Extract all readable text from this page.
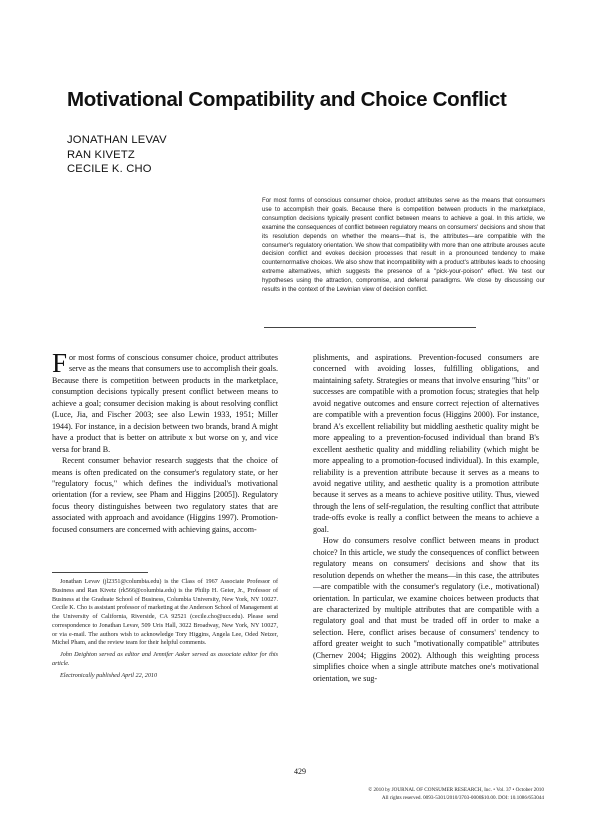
Motivational Compatibility and Choice Conflict
JONATHAN LEVAV
RAN KIVETZ
CECILE K. CHO
For most forms of conscious consumer choice, product attributes serve as the means that consumers use to accomplish their goals. Because there is competition between products in the marketplace, consumption decisions typically present conflict between means to achieve a goal. In this article, we examine the consequences of conflict between regulatory means on consumers' decisions and show that its resolution depends on whether the means—that is, the attributes—are compatible with the consumer's regulatory orientation. We show that compatibility with more than one attribute arouses acute decision conflict and evokes decision processes that result in a pronounced tendency to make counternormative choices. We also show that incompatibility with a product's attributes leads to choosing extreme alternatives, which suggests the presence of a "pick-your-poison" effect. We test our hypotheses using the attraction, compromise, and deferral paradigms. We close by discussing our results in the context of the Lewinian view of decision conflict.

For most forms of conscious consumer choice, product attributes serve as the means that consumers use to accomplish their goals. Because there is competition between products in the marketplace, consumption decisions typically present conflict between means to achieve a goal; consumer decision making is about resolving conflict (Luce, Jia, and Fischer 2003; see also Lewin 1933, 1951; Miller 1944). For instance, in a decision between two brands, brand A might have a product that is better on attribute x but worse on y, and vice versa for brand B.

Recent consumer behavior research suggests that the choice of means is often predicated on the consumer's regulatory state, or her "regulatory focus," which defines the individual's motivational orientation (for a review, see Pham and Higgins [2005]). Regulatory focus theory distinguishes between two regulatory states that are associated with approach and avoidance (Higgins 1997). Promotion-focused consumers are concerned with achieving gains, accom-

Jonathan Levav (jl2351@columbia.edu) is the Class of 1967 Associate Professor of Business and Ran Kivetz (rk566@columbia.edu) is the Philip H. Geier, Jr., Professor of Business at the Graduate School of Business, Columbia University, New York, NY 10027. Cecile K. Cho is assistant professor of marketing at the Anderson School of Management at the University of California, Riverside, CA 92521 (cecile.cho@ucr.edu). Please send correspondence to Jonathan Levav, 509 Uris Hall, 3022 Broadway, New York, NY 10027, or via e-mail. The authors wish to acknowledge Tory Higgins, Angela Lee, Oded Netzer, Michel Pham, and the review team for their helpful comments.

John Deighton served as editor and Jennifer Aaker served as associate editor for this article.

Electronically published April 22, 2010

plishments, and aspirations. Prevention-focused consumers are concerned with avoiding losses, fulfilling obligations, and maintaining safety. Strategies or means that involve ensuring "hits" or successes are compatible with a promotion focus; strategies that help avoid negative outcomes and ensure correct rejection of alternatives are compatible with a prevention focus (Higgins 2000). For instance, brand A's excellent reliability but middling aesthetic quality might be more appealing to a prevention-focused individual than brand B's excellent aesthetic quality and middling reliability (which might be more appealing to a promotion-focused individual). In this example, reliability is a prevention attribute because it serves as a means to avoid negative utility, and aesthetic quality is a promotion attribute because it serves as a means to achieve positive utility. Thus, viewed through the lens of self-regulation, the resulting conflict that attribute trade-offs evoke is really a conflict between the means to achieve a goal.

How do consumers resolve conflict between means in product choice? In this article, we study the consequences of conflict between regulatory means on consumers' decisions and show that its resolution depends on whether the means—in this case, the attributes—are compatible with the consumer's regulatory (i.e., motivational) orientation. In particular, we examine choices between products that are characterized by multiple attributes that are compatible with a regulatory goal and that must be traded off in order to make a selection. Here, conflict arises because of consumers' tendency to afford greater weight to such "motivationally compatible" attributes (Chernev 2004; Higgins 2002). Although this weighting process simplifies choice when a single attribute matches one's motivational orientation, we sug-

429
© 2010 by JOURNAL OF CONSUMER RESEARCH, Inc. • Vol. 37 • October 2010
All rights reserved. 0093-5301/2010/3703-0006$10.00. DOI: 10.1086/653044
